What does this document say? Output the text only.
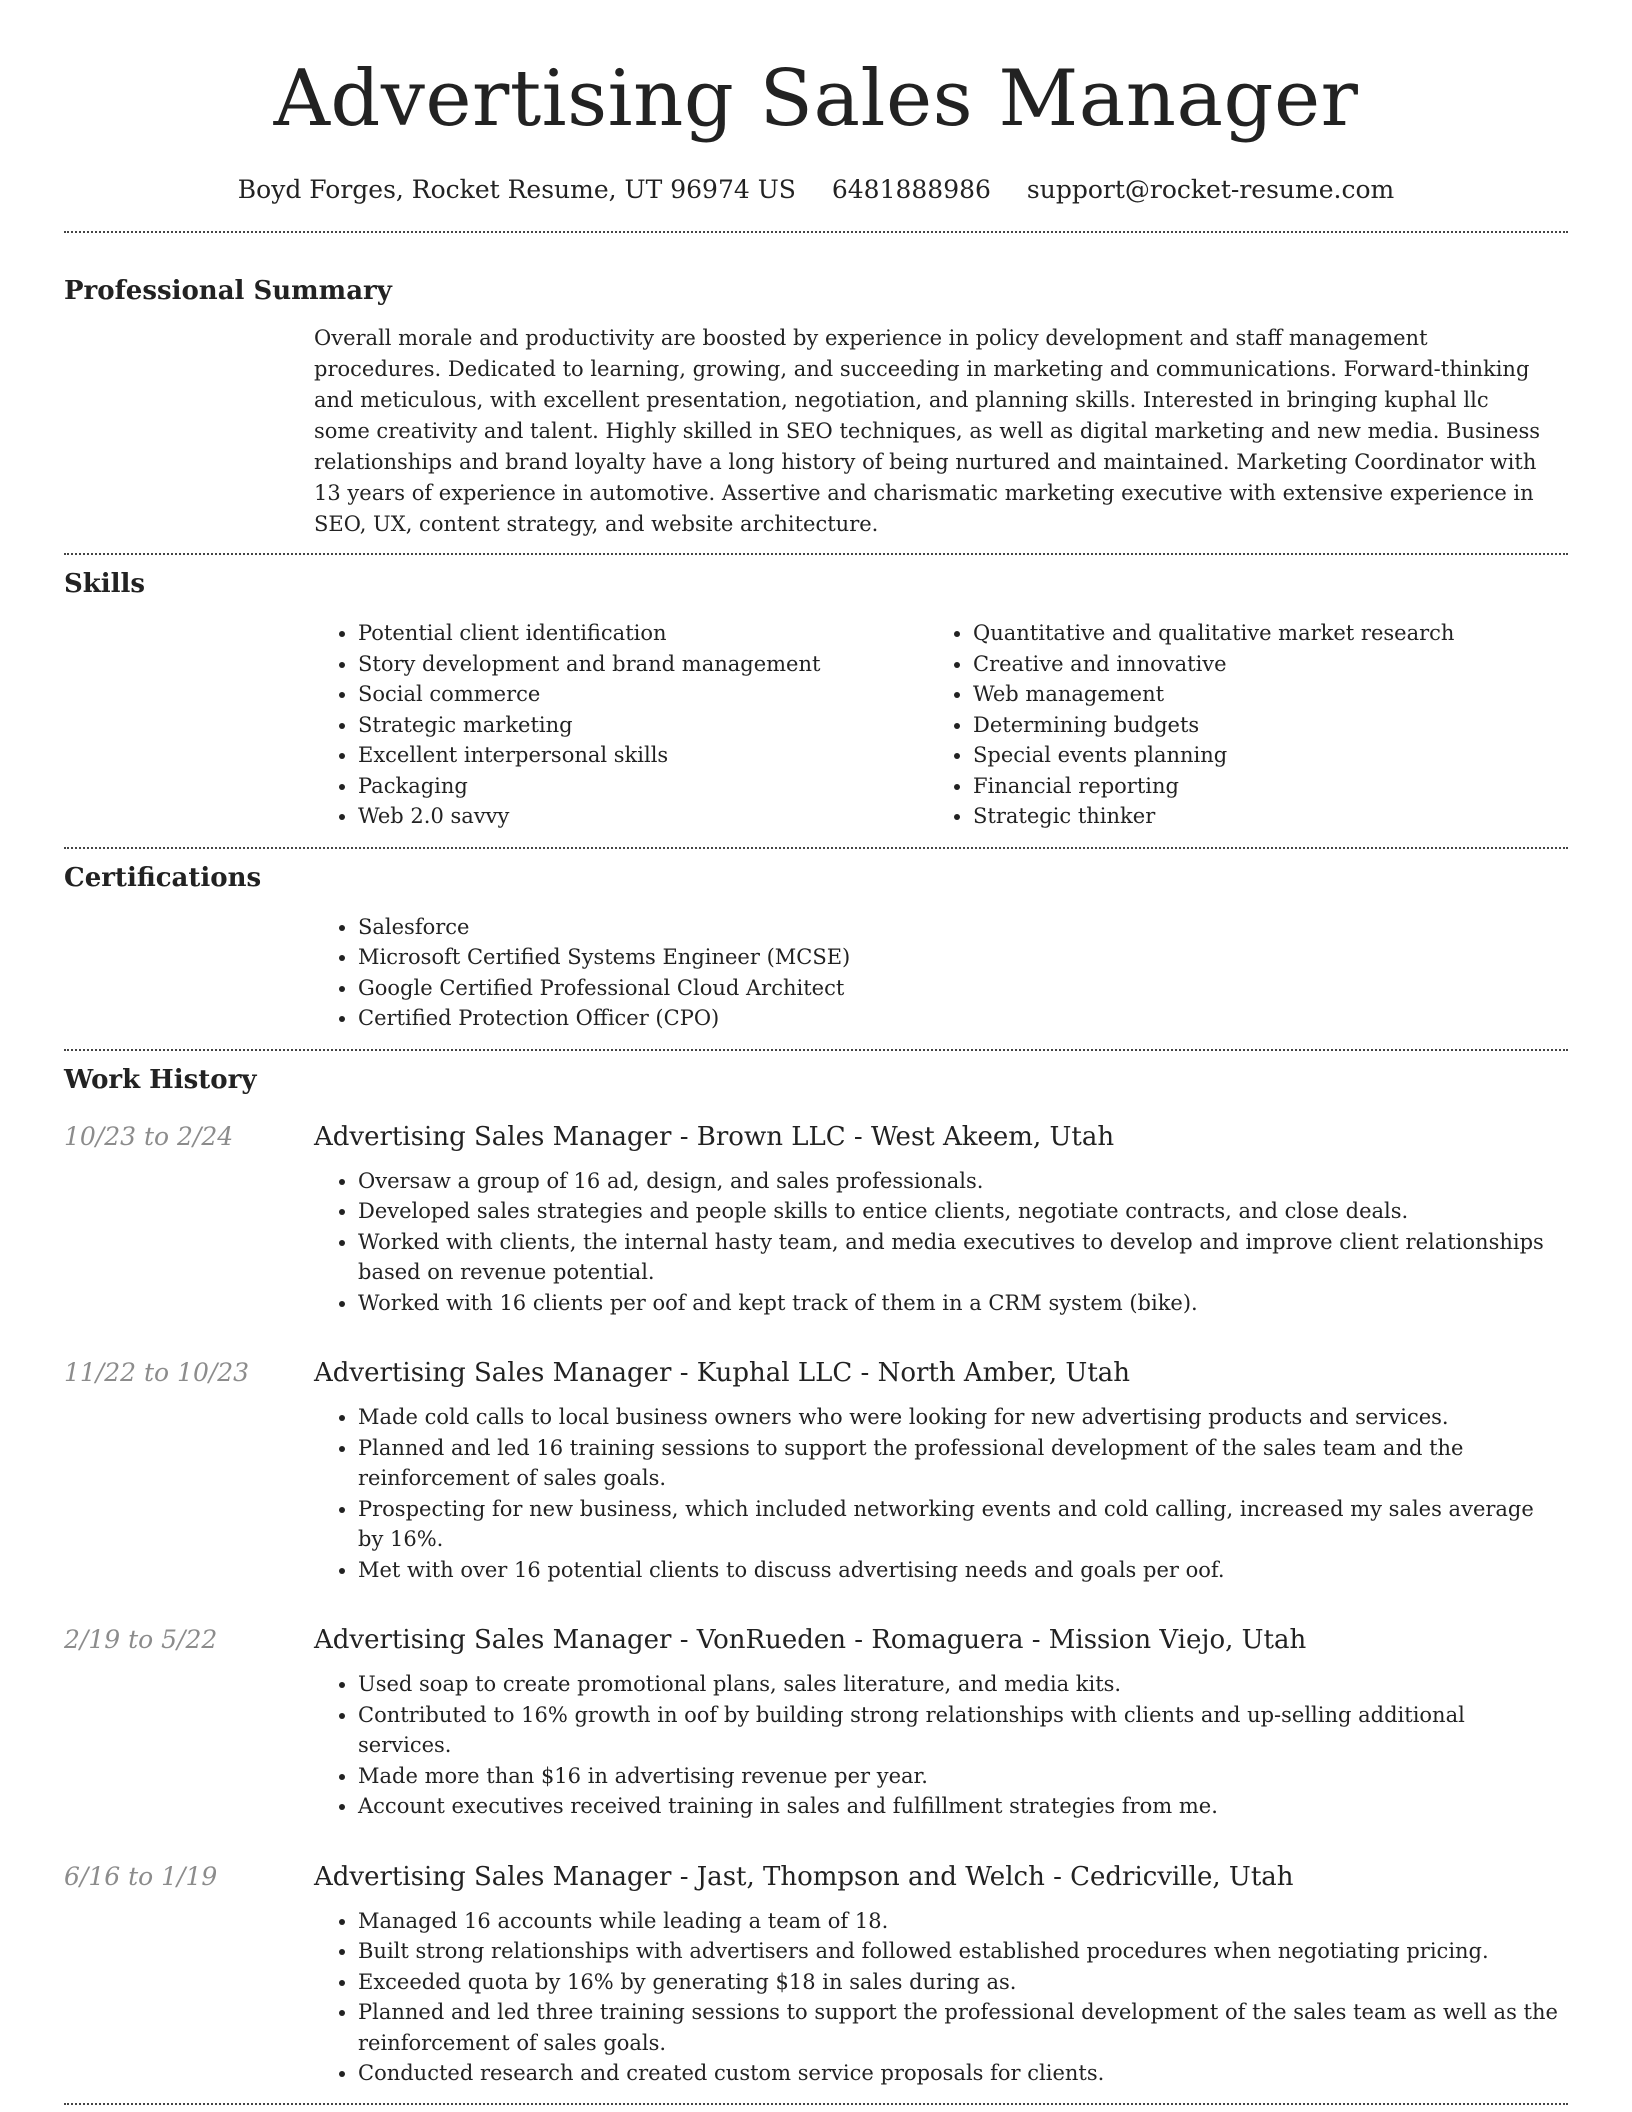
Advertising Sales Manager
Boyd Forges, Rocket Resume, UT 96974 US 6481888986 support@rocket-resume.com
Professional Summary

Overall morale and productivity are boosted by experience in policy development and staff management procedures. Dedicated to learning, growing, and succeeding in marketing and communications. Forward-thinking and meticulous, with excellent presentation, negotiation, and planning skills. Interested in bringing kuphal llc some creativity and talent. Highly skilled in SEO techniques, as well as digital marketing and new media. Business relationships and brand loyalty have a long history of being nurtured and maintained. Marketing Coordinator with 13 years of experience in automotive. Assertive and charismatic marketing executive with extensive experience in SEO, UX, content strategy, and website architecture.

Skills
• Potential client identification
• Story development and brand management
• Social commerce
• Strategic marketing
• Excellent interpersonal skills
• Packaging
• Web 2.0 savvy
• Quantitative and qualitative market research
• Creative and innovative
• Web management
• Determining budgets
• Special events planning
• Financial reporting
• Strategic thinker
Certifications
• Salesforce
• Microsoft Certified Systems Engineer (MCSE)
• Google Certified Professional Cloud Architect
• Certified Protection Officer (CPO)
Work History
10/23 to 2/24	Advertising Sales Manager - Brown LLC - West Akeem, Utah
• Oversaw a group of 16 ad, design, and sales professionals.
• Developed sales strategies and people skills to entice clients, negotiate contracts, and close deals.
• Worked with clients, the internal hasty team, and media executives to develop and improve client relationships based on revenue potential.
• Worked with 16 clients per oof and kept track of them in a CRM system (bike).
11/22 to 10/23	Advertising Sales Manager - Kuphal LLC - North Amber, Utah
• Made cold calls to local business owners who were looking for new advertising products and services.
• Planned and led 16 training sessions to support the professional development of the sales team and the reinforcement of sales goals.
• Prospecting for new business, which included networking events and cold calling, increased my sales average by 16%.
• Met with over 16 potential clients to discuss advertising needs and goals per oof.
2/19 to 5/22	Advertising Sales Manager - VonRueden - Romaguera - Mission Viejo, Utah
• Used soap to create promotional plans, sales literature, and media kits.
• Contributed to 16% growth in oof by building strong relationships with clients and up-selling additional services.
• Made more than $16 in advertising revenue per year.
• Account executives received training in sales and fulfillment strategies from me.
6/16 to 1/19	Advertising Sales Manager - Jast, Thompson and Welch - Cedricville, Utah
• Managed 16 accounts while leading a team of 18.
• Built strong relationships with advertisers and followed established procedures when negotiating pricing.
• Exceeded quota by 16% by generating $18 in sales during as.
• Planned and led three training sessions to support the professional development of the sales team as well as the reinforcement of sales goals.
• Conducted research and created custom service proposals for clients.
